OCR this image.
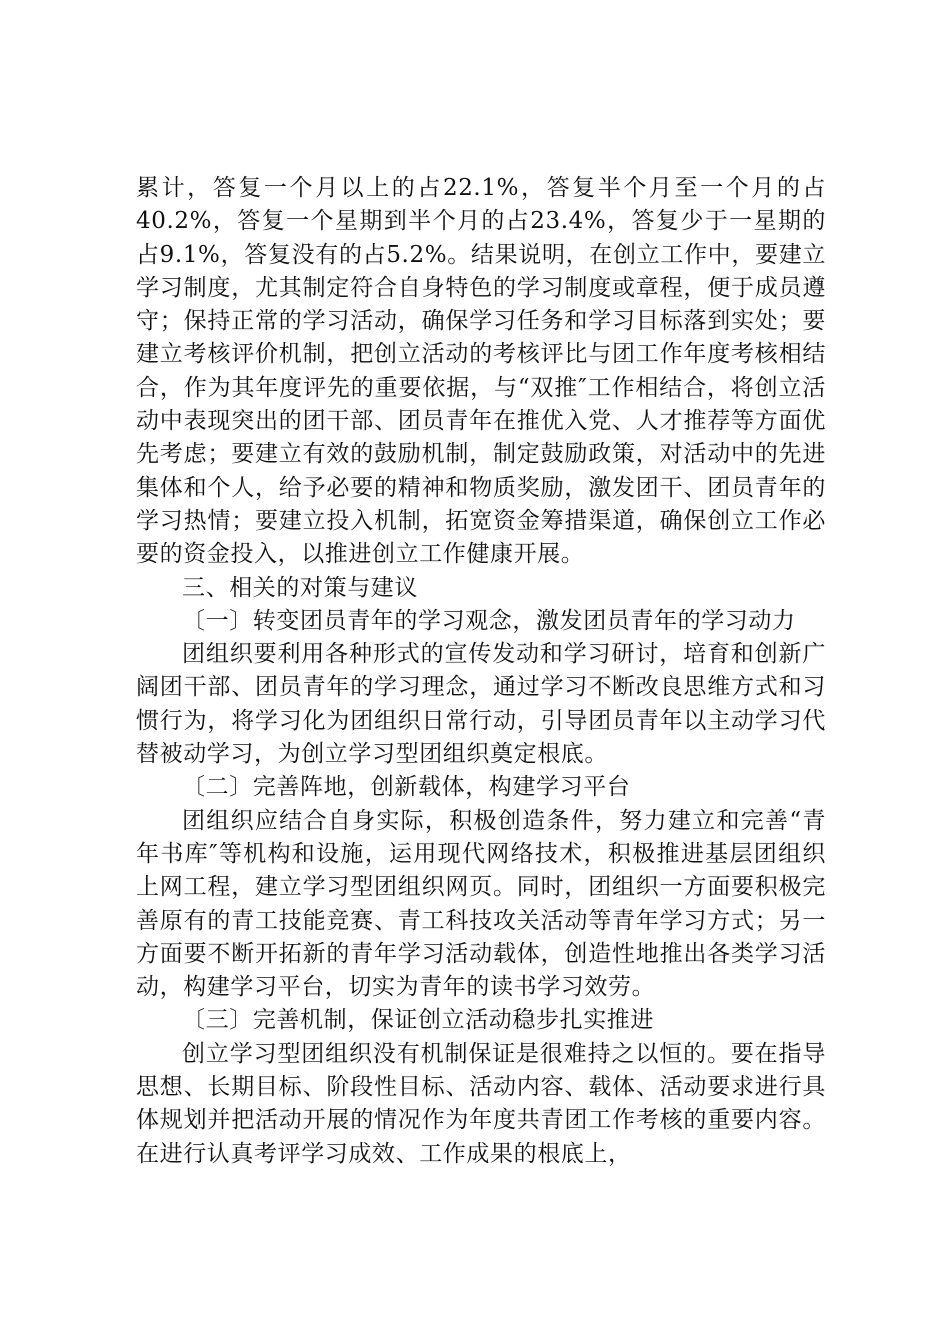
累计，答复一个月以上的占22.1%，答复半个月至一个月的占40.2%，答复一个星期到半个月的占23.4%，答复少于一星期的占9.1%，答复没有的占5.2%。结果说明，在创立工作中，要建立学习制度，尤其制定符合自身特色的学习制度或章程，便于成员遵守；保持正常的学习活动，确保学习任务和学习目标落到实处；要建立考核评价机制，把创立活动的考核评比与团工作年度考核相结合，作为其年度评先的重要依据，与“双推″工作相结合，将创立活动中表现突出的团干部、团员青年在推优入党、人才推荐等方面优先考虑；要建立有效的鼓励机制，制定鼓励政策，对活动中的先进集体和个人，给予必要的精神和物质奖励，激发团干、团员青年的学习热情；要建立投入机制，拓宽资金筹措渠道，确保创立工作必要的资金投入，以推进创立工作健康开展。

三、相关的对策与建议

〔一〕转变团员青年的学习观念，激发团员青年的学习动力

团组织要利用各种形式的宣传发动和学习研讨，培育和创新广阔团干部、团员青年的学习理念，通过学习不断改良思维方式和习惯行为，将学习化为团组织日常行动，引导团员青年以主动学习代替被动学习，为创立学习型团组织奠定根底。

〔二〕完善阵地，创新载体，构建学习平台

团组织应结合自身实际，积极创造条件，努力建立和完善“青年书库″等机构和设施，运用现代网络技术，积极推进基层团组织上网工程，建立学习型团组织网页。同时，团组织一方面要积极完善原有的青工技能竞赛、青工科技攻关活动等青年学习方式；另一方面要不断开拓新的青年学习活动载体，创造性地推出各类学习活动，构建学习平台，切实为青年的读书学习效劳。

〔三〕完善机制，保证创立活动稳步扎实推进

创立学习型团组织没有机制保证是很难持之以恒的。要在指导思想、长期目标、阶段性目标、活动内容、载体、活动要求进行具体规划并把活动开展的情况作为年度共青团工作考核的重要内容。在进行认真考评学习成效、工作成果的根底上，
